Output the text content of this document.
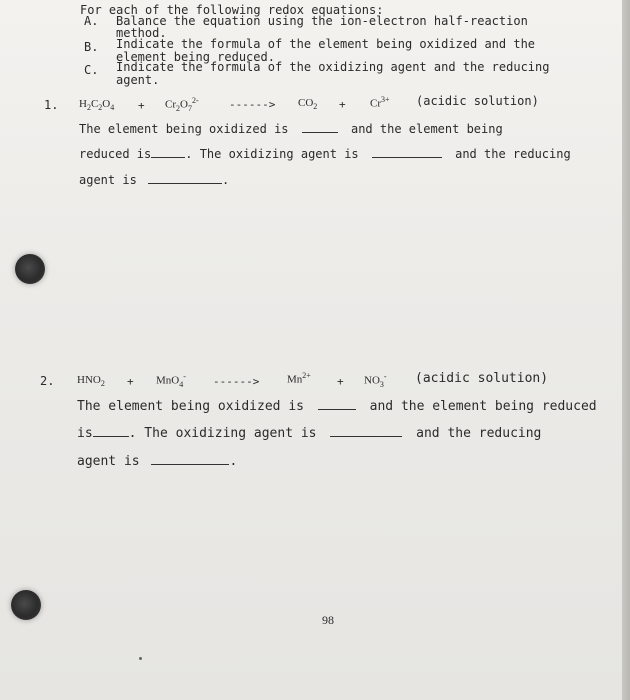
For each of the following redox equations:
A. Balance the equation using the ion-electron half-reaction
method.
B. Indicate the formula of the element being oxidized and the
element being reduced.
C. Indicate the formula of the oxidizing agent and the reducing
agent.
1. $H_2C_2O_4 + Cr_2O_7^{2-}$	------> $CO_2 + Cr^{3+}$ (acidic solution)
The element being oxidized is	and the element being
reduced is	. The oxidizing agent is	and the reducing
agent is	.
2. $HNO_2 + MnO_4^-$ ------>	$Mn^{2+} + NO_3^-$ (acidic solution)
The element being oxidized is	and the element being reduced
is	. The oxidizing agent is	and the reducing
agent is	.
98
